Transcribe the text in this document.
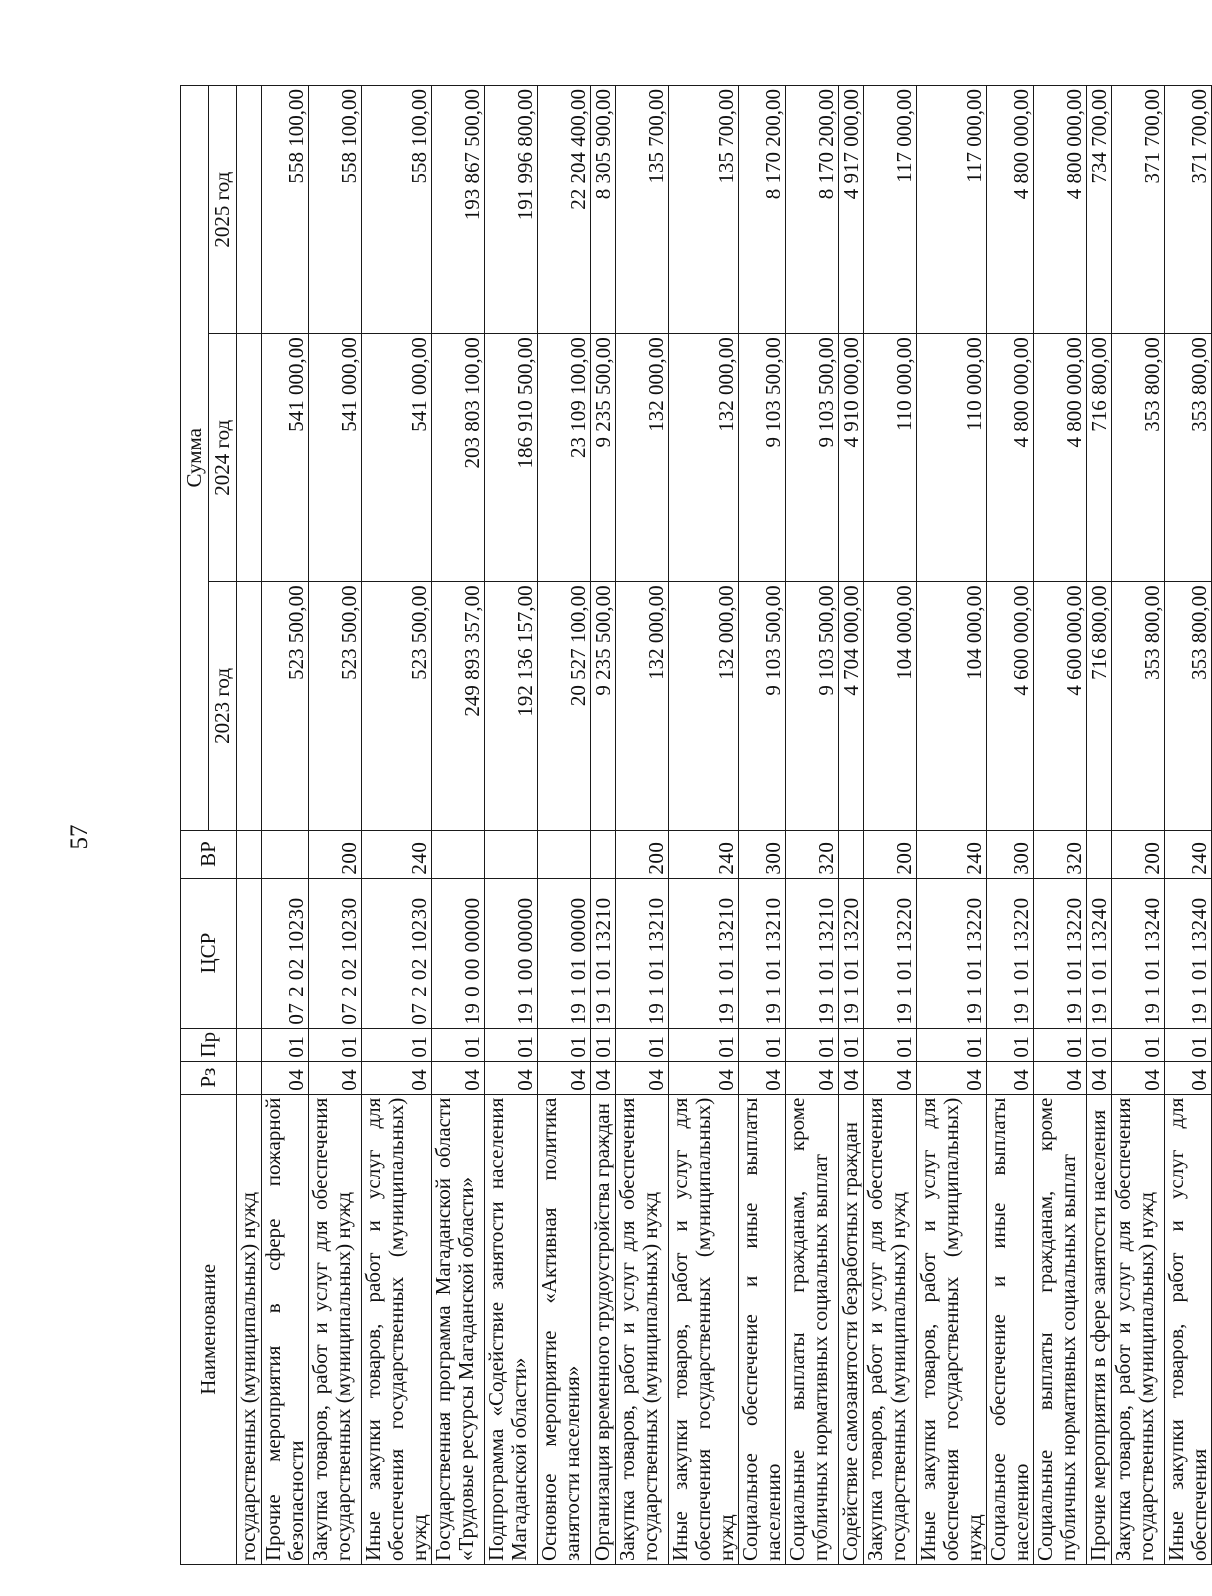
57
Наименование	Рз	Пр	ЦСР	ВР	Сумма		
					2023 год	2024 год	2025 год

государственных (муниципальных) нужд							

Прочие мероприятия в сфере пожарной безопасности	04	01	07 2 02 10230		523 500,00	541 000,00	558 100,00

Закупка товаров, работ и услуг для обеспечения государственных (муниципальных) нужд	04	01	07 2 02 10230	200	523 500,00	541 000,00	558 100,00

Иные закупки товаров, работ и услуг для обеспечения государственных (муниципальных) нужд	04	01	07 2 02 10230	240	523 500,00	541 000,00	558 100,00

Государственная программа Магаданской области «Трудовые ресурсы Магаданской области»	04	01	19 0 00 00000		249 893 357,00	203 803 100,00	193 867 500,00

Подпрограмма «Содействие занятости населения Магаданской области»	04	01	19 1 00 00000		192 136 157,00	186 910 500,00	191 996 800,00

Основное мероприятие «Активная политика занятости населения»	04	01	19 1 01 00000		20 527 100,00	23 109 100,00	22 204 400,00

Организация временного трудоустройства граждан	04	01	19 1 01 13210		9 235 500,00	9 235 500,00	8 305 900,00

Закупка товаров, работ и услуг для обеспечения государственных (муниципальных) нужд	04	01	19 1 01 13210	200	132 000,00	132 000,00	135 700,00

Иные закупки товаров, работ и услуг для обеспечения государственных (муниципальных) нужд	04	01	19 1 01 13210	240	132 000,00	132 000,00	135 700,00

Социальное обеспечение и иные выплаты населению	04	01	19 1 01 13210	300	9 103 500,00	9 103 500,00	8 170 200,00

Социальные выплаты гражданам, кроме публичных нормативных социальных выплат	04	01	19 1 01 13210	320	9 103 500,00	9 103 500,00	8 170 200,00

Содействие самозанятости безработных граждан	04	01	19 1 01 13220		4 704 000,00	4 910 000,00	4 917 000,00

Закупка товаров, работ и услуг для обеспечения государственных (муниципальных) нужд	04	01	19 1 01 13220	200	104 000,00	110 000,00	117 000,00

Иные закупки товаров, работ и услуг для обеспечения государственных (муниципальных) нужд	04	01	19 1 01 13220	240	104 000,00	110 000,00	117 000,00

Социальное обеспечение и иные выплаты населению	04	01	19 1 01 13220	300	4 600 000,00	4 800 000,00	4 800 000,00

Социальные выплаты гражданам, кроме публичных нормативных социальных выплат	04	01	19 1 01 13220	320	4 600 000,00	4 800 000,00	4 800 000,00

Прочие мероприятия в сфере занятости населения	04	01	19 1 01 13240		716 800,00	716 800,00	734 700,00

Закупка товаров, работ и услуг для обеспечения государственных (муниципальных) нужд	04	01	19 1 01 13240	200	353 800,00	353 800,00	371 700,00

Иные закупки товаров, работ и услуг для обеспечения	04	01	19 1 01 13240	240	353 800,00	353 800,00	371 700,00
